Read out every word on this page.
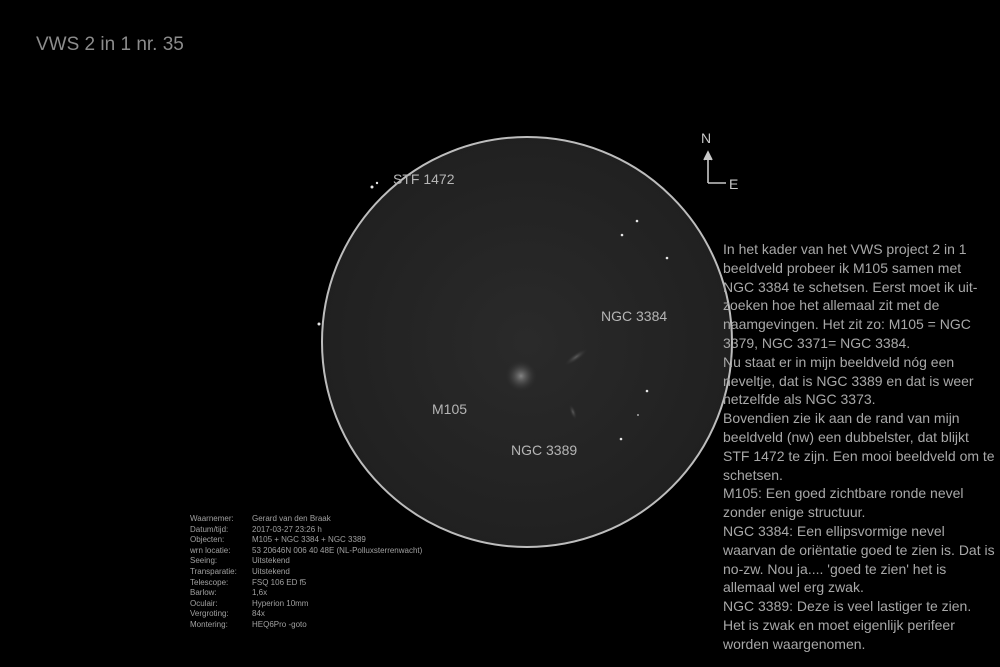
VWS 2 in 1 nr. 35
N
E
STF 1472
NGC 3384
M105
NGC 3389

In het kader van het VWS project 2 in 1 beeldveld probeer ik M105 samen met NGC 3384 te schetsen. Eerst moet ik uit-zoeken hoe het allemaal zit met de naamgevingen. Het zit zo: M105 = NGC 3379, NGC 3371= NGC 3384.

Nu staat er in mijn beeldveld nóg een neveltje, dat is NGC 3389 en dat is weer hetzelfde als NGC 3373.

Bovendien zie ik aan de rand van mijn beeldveld (nw) een dubbelster, dat blijkt STF 1472 te zijn. Een mooi beeldveld om te schetsen.

M105: Een goed zichtbare ronde nevel zonder enige structuur.

NGC 3384: Een ellipsvormige nevel waarvan de oriëntatie goed te zien is. Dat is no-zw. Nou ja.... 'goed te zien' het is allemaal wel erg zwak.

NGC 3389: Deze is veel lastiger te zien. Het is zwak en moet eigenlijk perifeer worden waargenomen.

Waarnemer:	Gerard van den Braak
Datum/tijd:	2017-03-27 23:26 h
Objecten:	M105 + NGC 3384 + NGC 3389
wrn locatie:	53 20646N 006 40 48E (NL-Polluxsterrenwacht)
Seeing:	Uitstekend
Transparatie:	Uitstekend
Telescope:	FSQ 106 ED f5
Barlow:	1,6x
Oculair:	Hyperion 10mm
Vergroting:	84x
Montering:	HEQ6Pro -goto
